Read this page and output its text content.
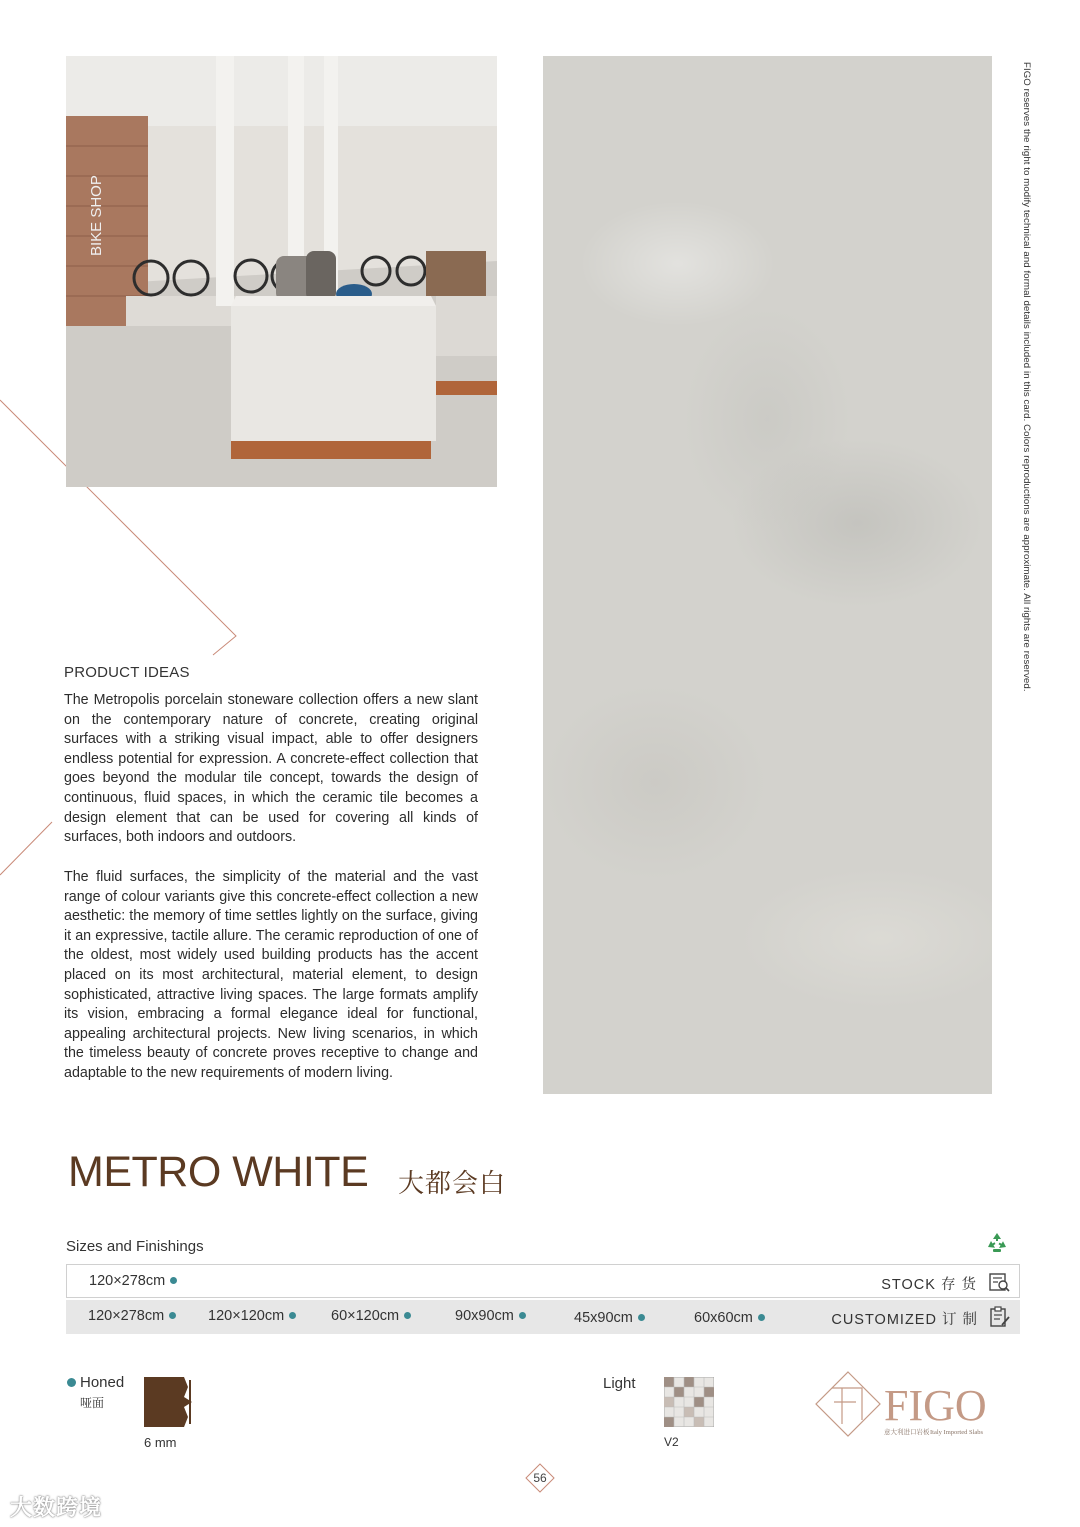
BIKE SHOP	FIGO reserves the right to modify technical and formal details included in this card. Colors reproductions are approximate. All rights are reserved.
PRODUCT IDEAS
The Metropolis porcelain stoneware collection offers a new slant on the contemporary nature of concrete, creating original surfaces with a striking visual impact, able to offer designers endless potential for expression. A concrete-effect collection that goes beyond the modular tile concept, towards the design of continuous, fluid spaces, in which the ceramic tile becomes a design element that can be used for covering all kinds of surfaces, both indoors and outdoors.
The fluid surfaces, the simplicity of the material and the vast range of colour variants give this concrete-effect collection a new aesthetic: the memory of time settles lightly on the surface, giving it an expressive, tactile allure. The ceramic reproduction of one of the oldest, most widely used building products has the accent placed on its most architectural, material element, to design sophisticated, attractive living spaces. The large formats amplify its vision, embracing a formal elegance ideal for functional, appealing architectural projects. New living scenarios, in which the timeless beauty of concrete proves receptive to change and adaptable to the new requirements of modern living.
METRO WHITE 大都会白
Sizes and Finishings
120×278cm	STOCK 存 货
120×278cm	120×120cm	60×120cm	90x90cm	45x90cm	60x60cm	CUSTOMIZED 订 制
Honed
哑面
6 mm
Light
V2
FIGO
意大利进口岩板 Italy Imported Slabs
56
大数跨境
